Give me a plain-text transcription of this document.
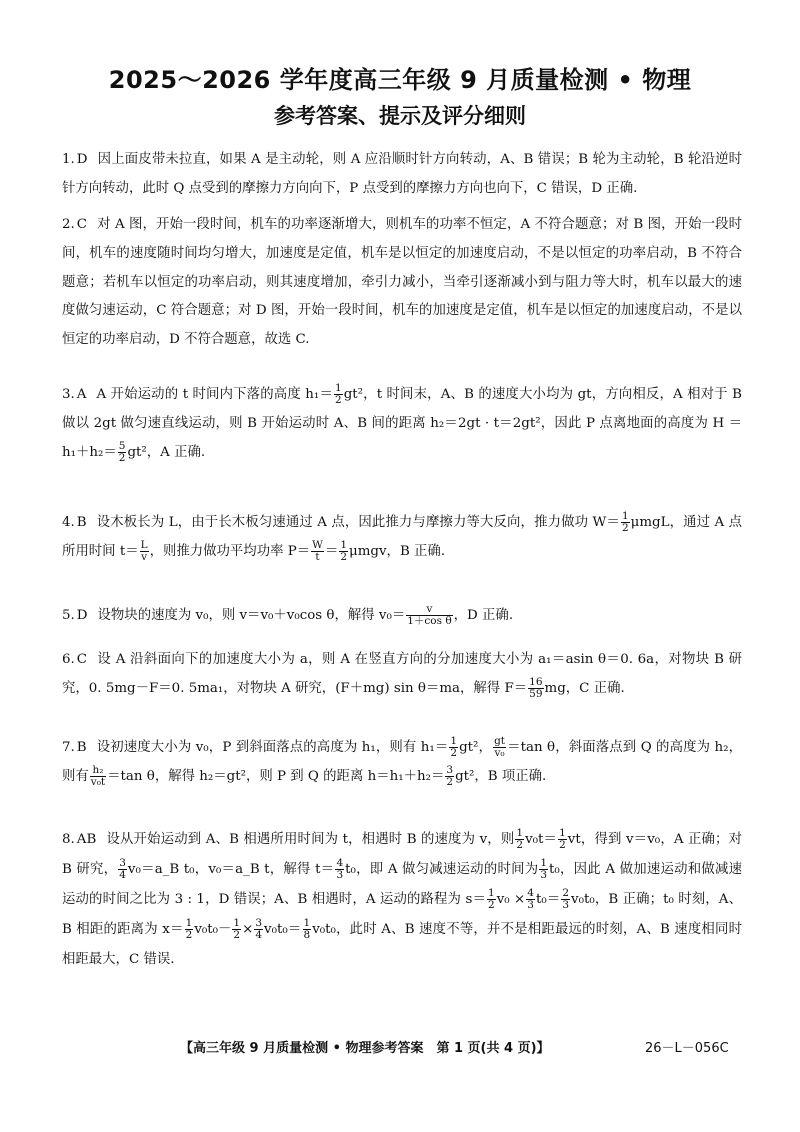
2025～2026 学年度高三年级 9 月质量检测 • 物理
参考答案、提示及评分细则
1. D 因上面皮带未拉直，如果 A 是主动轮，则 A 应沿顺时针方向转动，A、B 错误；B 轮为主动轮，B 轮沿逆时针方向转动，此时 Q 点受到的摩擦力方向向下，P 点受到的摩擦力方向也向下，C 错误，D 正确.
2. C 对 A 图，开始一段时间，机车的功率逐渐增大，则机车的功率不恒定，A 不符合题意；对 B 图，开始一段时间，机车的速度随时间均匀增大，加速度是定值，机车是以恒定的加速度启动，不是以恒定的功率启动，B 不符合题意；若机车以恒定的功率启动，则其速度增加，牵引力减小，当牵引逐渐减小到与阻力等大时，机车以最大的速度做匀速运动，C 符合题意；对 D 图，开始一段时间，机车的加速度是定值，机车是以恒定的加速度启动，不是以恒定的功率启动，D 不符合题意，故选 C.
3. A A 开始运动的 t 时间内下落的高度 $h_1= \frac{1}{2} gt^2$，t 时间末，A、B 的速度大小均为 gt，方向相反，A 相对于 B 做以 2gt 做匀速直线运动，则 B 开始运动时 A、B 间的距离 h₂＝2gt · t＝2gt²，因此 P 点离地面的高度为 $H =h_1+h_2= \frac{5}{2} gt^2$，A 正确.
4. B 设木板长为 L，由于长木板匀速通过 A 点，因此推力与摩擦力等大反向，推力做功 $W= \frac{1}{2}$ μmgL，通过 A 点所用时间 $t= \frac{L}{v}$ ，则推力做功平均功率 $P= \frac{W}{t} = \frac{1}{2}$ μmgv，B 正确.
5. D 设物块的速度为 v₀，则 v＝v₀＋v₀cos θ，解得 $v_0= \frac{v}{\text{1＋cos θ}}$ ，D 正确.
6. C 设 A 沿斜面向下的加速度大小为 a，则 A 在竖直方向的分加速度大小为 a₁＝asin θ＝0. 6a，对物块 B 研究，0. 5mg－F＝0. 5ma₁，对物块 A 研究，(F＋mg) sin θ＝ma，解得 $F= \frac{16}{59}$ mg，C 正确.
7. B 设初速度大小为 v₀，P 到斜面落点的高度为 h₁，则有 $h_1= \frac{1}{2} gt^2$， $\frac{gt}{\text{v₀}} =\tan$ θ，斜面落点到 Q 的高度为 h₂，则有 $\frac{\text{h₂}}{\text{v₀t}} =\tan$ θ，解得 h₂＝gt²，则 P 到 Q 的距离 $h=h_1+h_2= \frac{3}{2} gt^2$，B 项正确.
8. AB 设从开始运动到 A、B 相遇所用时间为 t，相遇时 B 的速度为 v，则 $\frac{1}{2} v_0t= \frac{1}{2}$ vt，得到 v＝v₀，A 正确；对 B 研究， $\frac{3}{4}$ v₀＝a_B t₀，v₀＝a_B t，解得 $t= \frac{4}{3} t_0$，即 A 做匀减速运动的时间为 $\frac{1}{3} t_0$，因此 A 做加速运动和做减速运动的时间之比为 3 : 1，D 错误；A、B 相遇时，A 运动的路程为 $s= \frac{1}{2} v_0 \times \frac{4}{3} t_0= \frac{2}{3} v_0t_0$，B 正确；t₀ 时刻，A、B 相距的距离为 $x= \frac{1}{2} v_0t_0- \frac{1}{2} \times \frac{3}{4} v_0t_0= \frac{1}{8} v_0t_0$，此时 A、B 速度不等，并不是相距最远的时刻，A、B 速度相同时相距最大，C 错误.
【高三年级 9 月质量检测 • 物理参考答案　第 1 页(共 4 页)】	26－L－056C
